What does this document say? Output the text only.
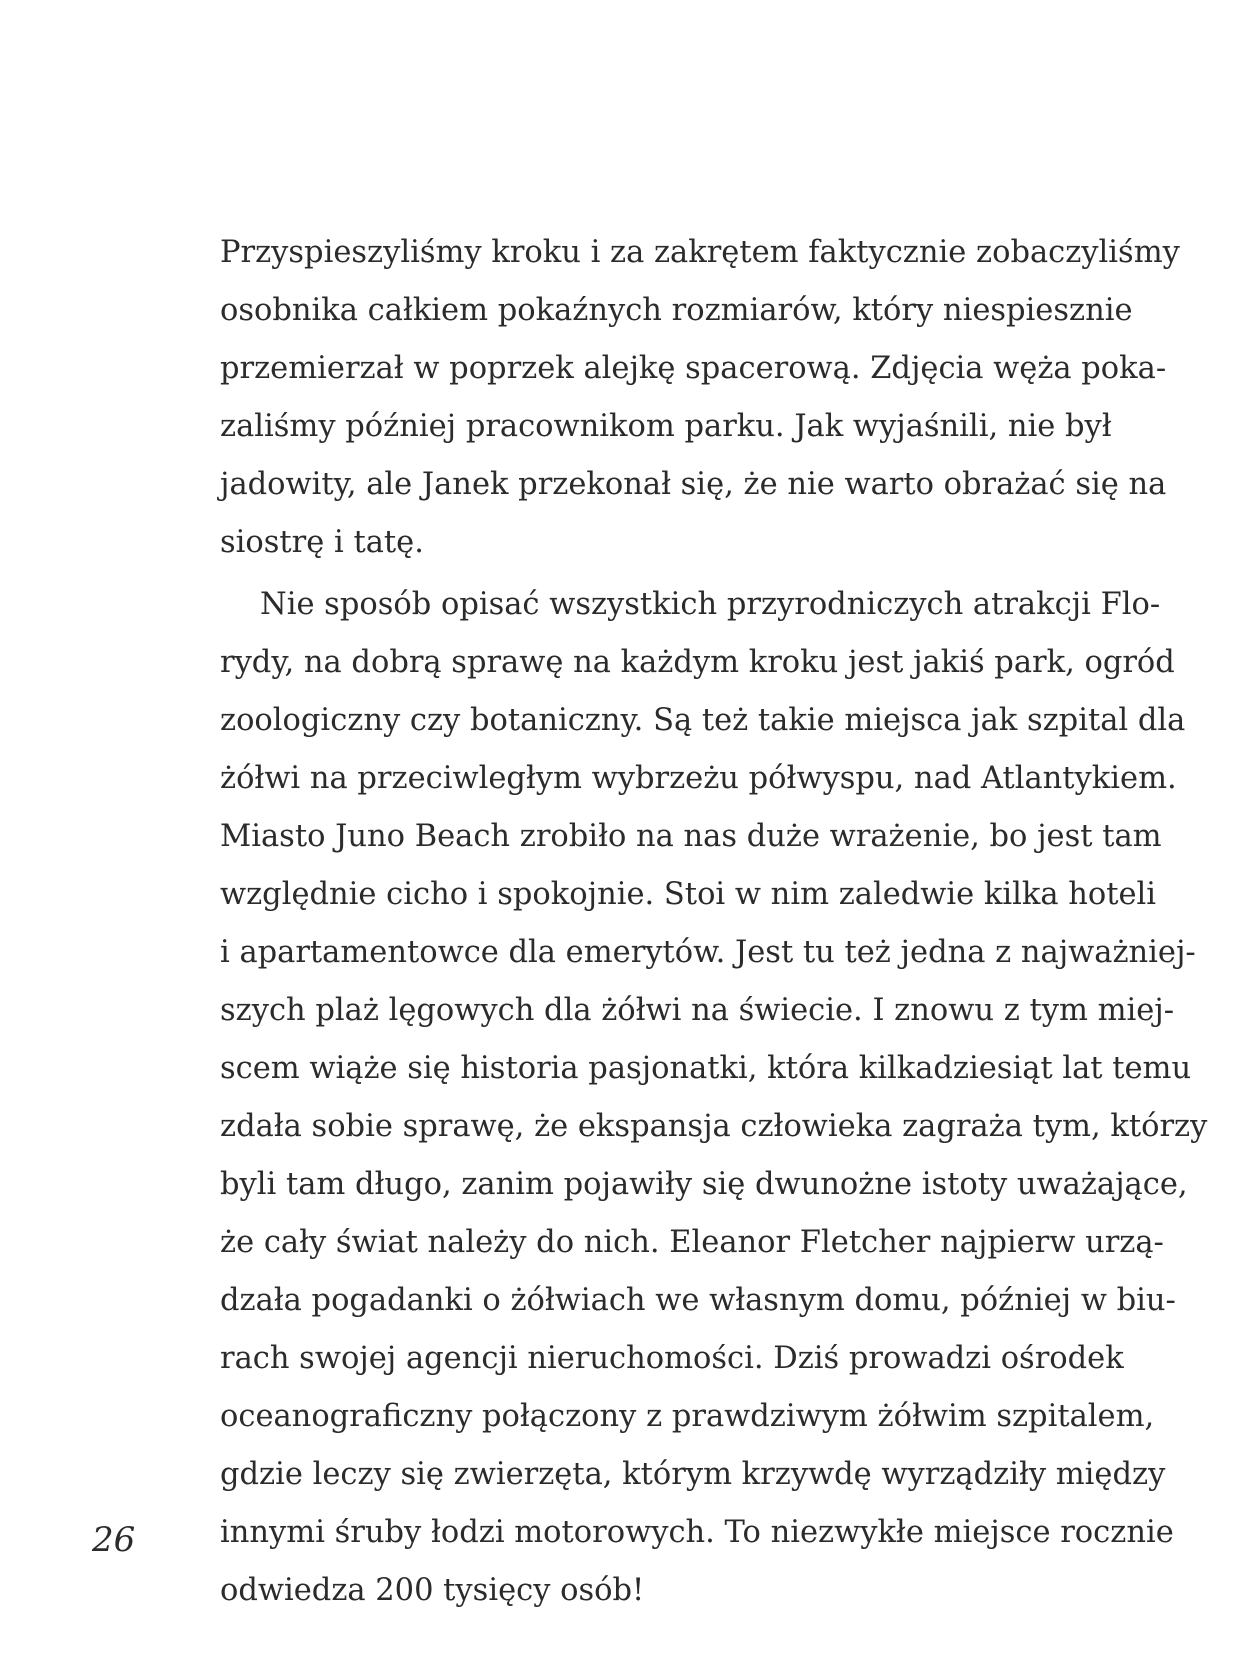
Przyspieszyliśmy kroku i za zakrętem faktycznie zobaczyliśmy
osobnika całkiem pokaźnych rozmiarów, który niespiesznie
przemierzał w poprzek alejkę spacerową. Zdjęcia węża poka-
zaliśmy później pracownikom parku. Jak wyjaśnili, nie był
jadowity, ale Janek przekonał się, że nie warto obrażać się na
siostrę i tatę.
Nie sposób opisać wszystkich przyrodniczych atrakcji Flo-
rydy, na dobrą sprawę na każdym kroku jest jakiś park, ogród
zoologiczny czy botaniczny. Są też takie miejsca jak szpital dla
żółwi na przeciwległym wybrzeżu półwyspu, nad Atlantykiem.
Miasto Juno Beach zrobiło na nas duże wrażenie, bo jest tam
względnie cicho i spokojnie. Stoi w nim zaledwie kilka hoteli
i apartamentowce dla emerytów. Jest tu też jedna z najważniej-
szych plaż lęgowych dla żółwi na świecie. I znowu z tym miej-
scem wiąże się historia pasjonatki, która kilkadziesiąt lat temu
zdała sobie sprawę, że ekspansja człowieka zagraża tym, którzy
byli tam długo, zanim pojawiły się dwunożne istoty uważające,
że cały świat należy do nich. Eleanor Fletcher najpierw urzą-
dzała pogadanki o żółwiach we własnym domu, później w biu-
rach swojej agencji nieruchomości. Dziś prowadzi ośrodek
oceanograficzny połączony z prawdziwym żółwim szpitalem,
gdzie leczy się zwierzęta, którym krzywdę wyrządziły między
innymi śruby łodzi motorowych. To niezwykłe miejsce rocznie
odwiedza 200 tysięcy osób!
26
